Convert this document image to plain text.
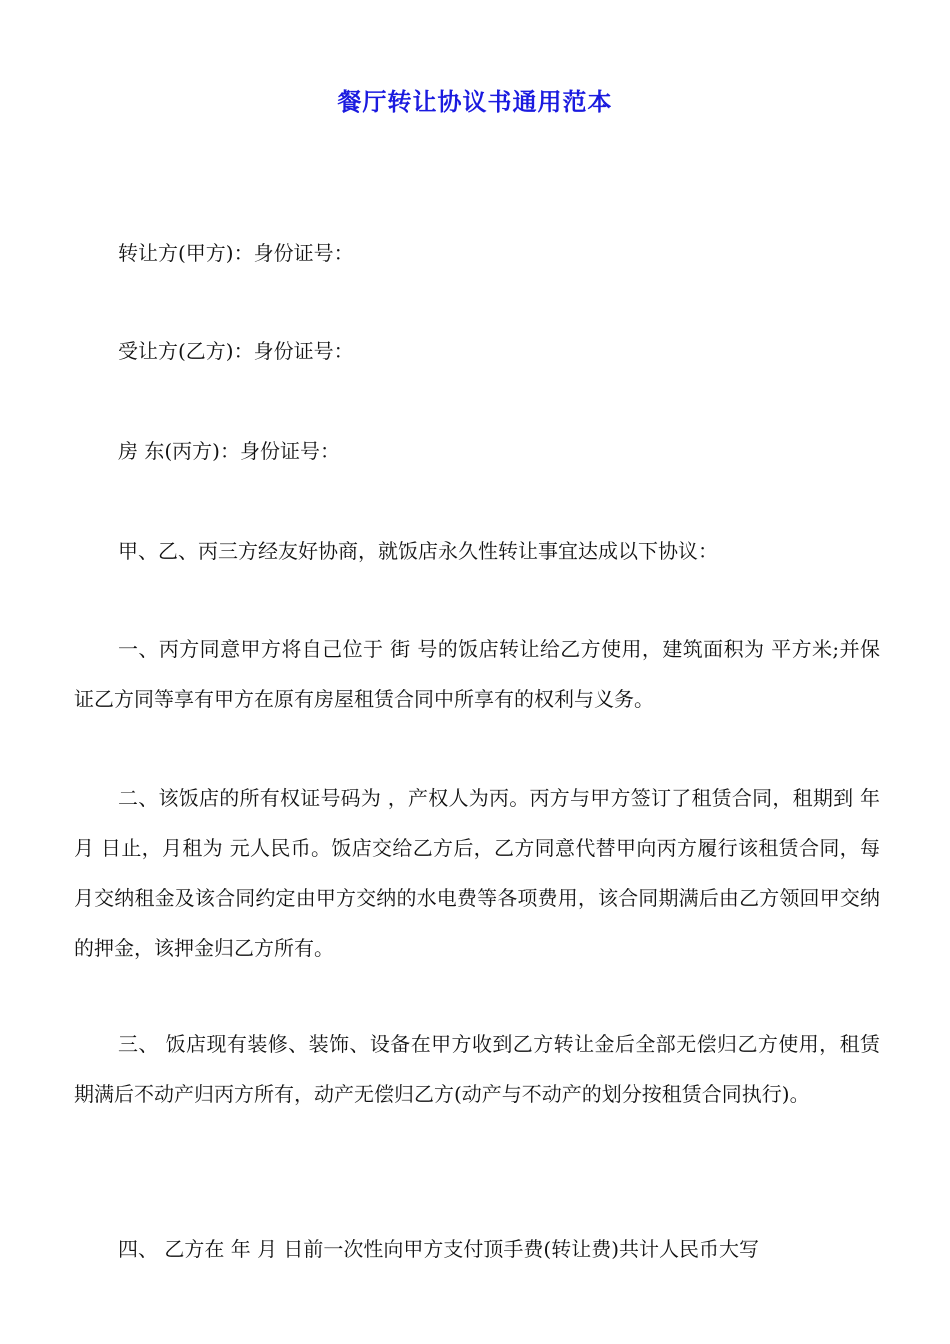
餐厅转让协议书通用范本

转让方(甲方)：身份证号：

受让方(乙方)：身份证号：

房 东(丙方)：身份证号：

甲、乙、丙三方经友好协商，就饭店永久性转让事宜达成以下协议：

一、丙方同意甲方将自己位于 街 号的饭店转让给乙方使用，建筑面积为 平方米;并保证乙方同等享有甲方在原有房屋租赁合同中所享有的权利与义务。

二、该饭店的所有权证号码为 ，产权人为丙。丙方与甲方签订了租赁合同，租期到 年 月 日止，月租为 元人民币。饭店交给乙方后，乙方同意代替甲向丙方履行该租赁合同，每月交纳租金及该合同约定由甲方交纳的水电费等各项费用，该合同期满后由乙方领回甲交纳的押金，该押金归乙方所有。

三、 饭店现有装修、装饰、设备在甲方收到乙方转让金后全部无偿归乙方使用，租赁期满后不动产归丙方所有，动产无偿归乙方(动产与不动产的划分按租赁合同执行)。

四、 乙方在 年 月 日前一次性向甲方支付顶手费(转让费)共计人民币大写
